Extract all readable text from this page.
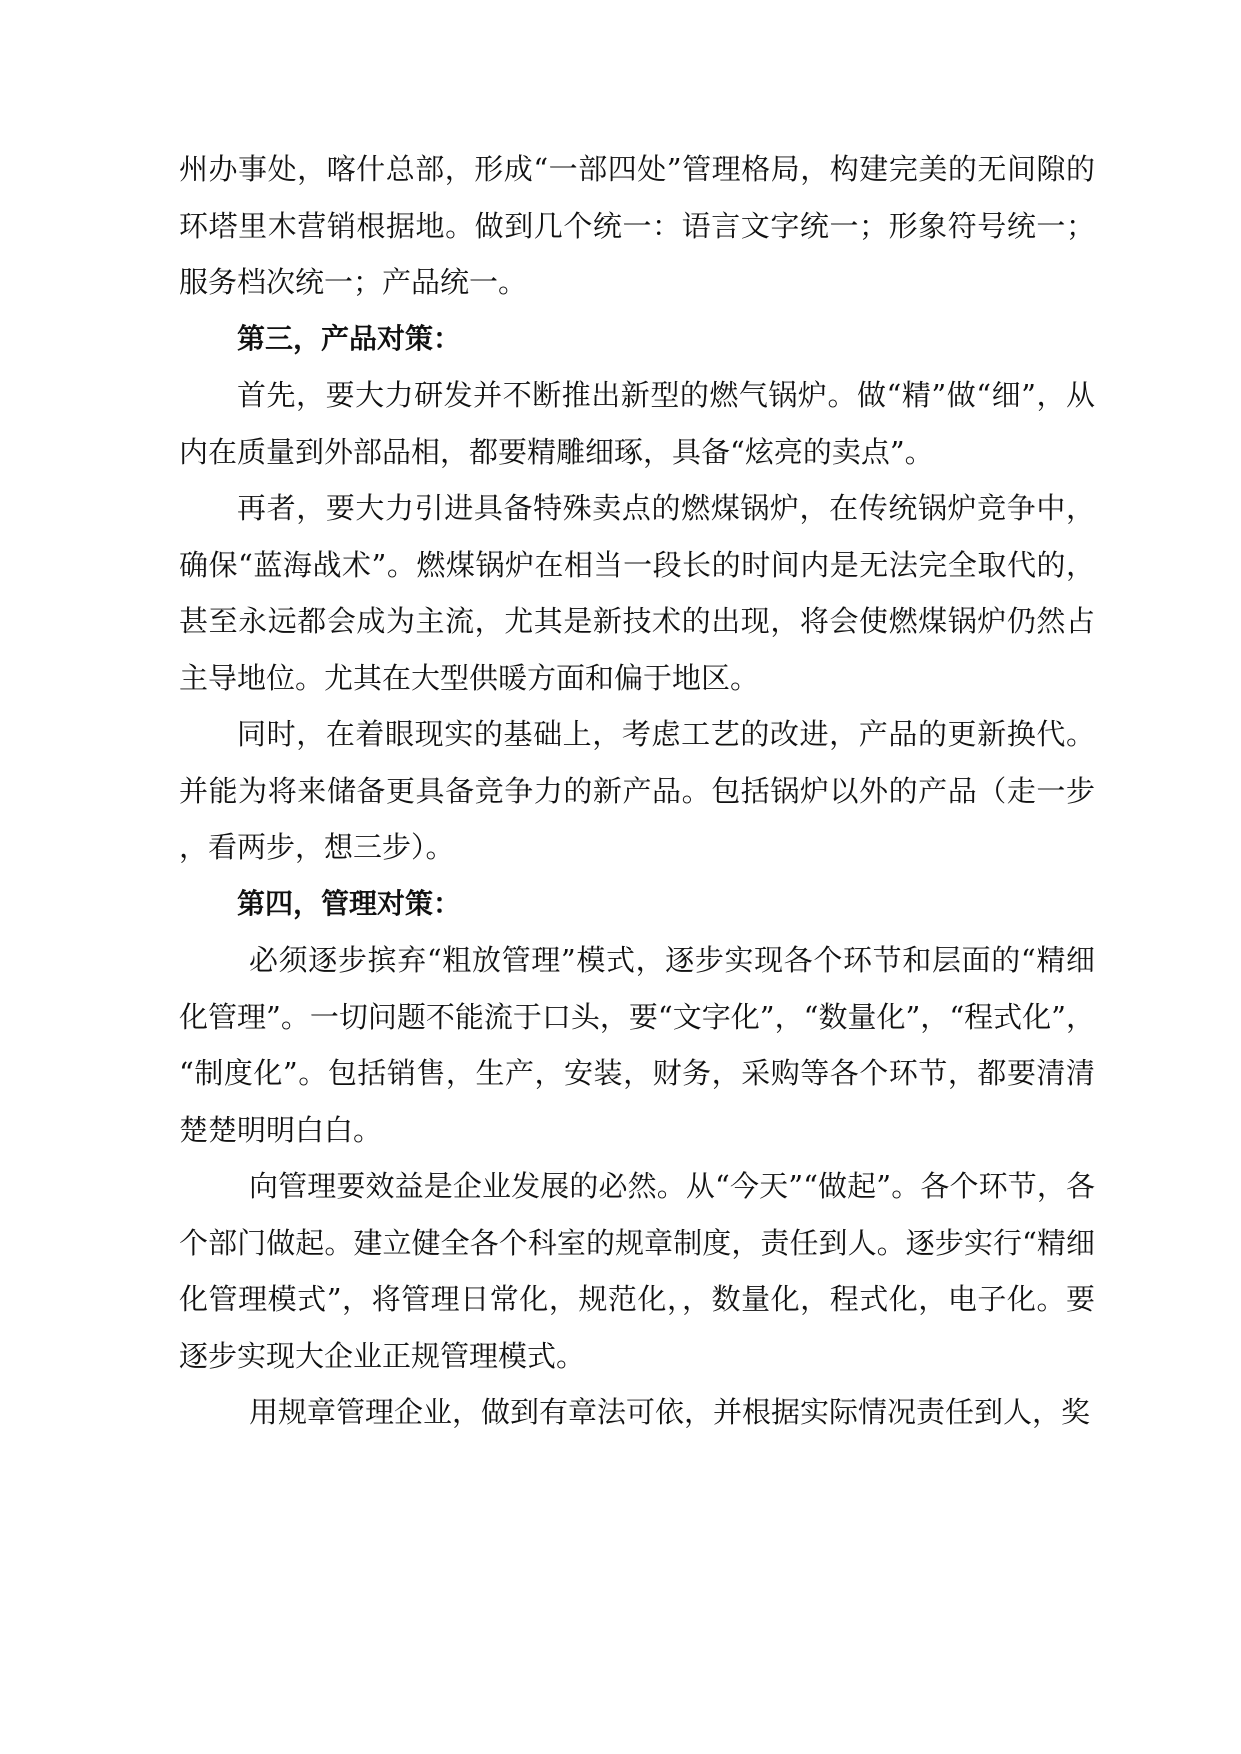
州办事处，喀什总部，形成“一部四处”管理格局，构建完美的无间隙的环塔里木营销根据地。做到几个统一：语言文字统一；形象符号统一；服务档次统一；产品统一。

第三，产品对策：

首先，要大力研发并不断推出新型的燃气锅炉。做“精”做“细”，从内在质量到外部品相，都要精雕细琢，具备“炫亮的卖点”。

再者，要大力引进具备特殊卖点的燃煤锅炉，在传统锅炉竞争中，确保“蓝海战术”。燃煤锅炉在相当一段长的时间内是无法完全取代的，甚至永远都会成为主流，尤其是新技术的出现，将会使燃煤锅炉仍然占主导地位。尤其在大型供暖方面和偏于地区。

同时，在着眼现实的基础上，考虑工艺的改进，产品的更新换代。并能为将来储备更具备竞争力的新产品。包括锅炉以外的产品（走一步，看两步，想三步）。

第四，管理对策：

必须逐步摈弃“粗放管理”模式，逐步实现各个环节和层面的“精细化管理”。一切问题不能流于口头，要“文字化”，“数量化”，“程式化”，“制度化”。包括销售，生产，安装，财务，采购等各个环节，都要清清楚楚明明白白。

向管理要效益是企业发展的必然。从“今天”“做起”。各个环节，各个部门做起。建立健全各个科室的规章制度，责任到人。逐步实行“精细化管理模式”，将管理日常化，规范化，，数量化，程式化，电子化。要逐步实现大企业正规管理模式。

用规章管理企业，做到有章法可依，并根据实际情况责任到人，奖
